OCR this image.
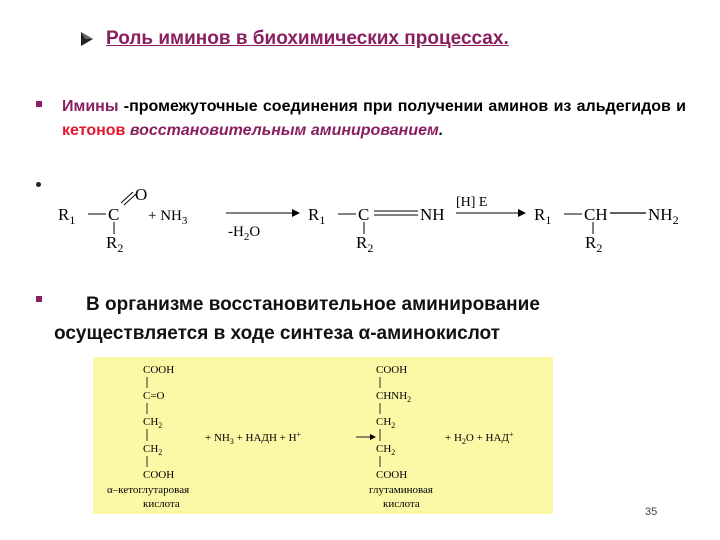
Роль иминов в биохимических процессах.
Имины -промежуточные соединения при получении аминов из альдегидов и кетонов восстановительным аминированием.
$R_1$ C
O
$R_2$
+ $NH_3$
$-H_2O$
$R_1$ C	NH
$R_2$
[H] E
$R_1$ CH $NH_2$
$R_2$
В организме восстановительное аминирование осуществляется в ходе синтеза α-аминокислот
COOH
C=O
$CH_2$
$CH_2$
COOH
α–кетоглутаровая
кислота
+ $NH_3$ + НАДН + Н+
COOH
$CHNH_2$
$CH_2$
$CH_2$
COOH
глутаминовая
кислота
+ $H_2O + НАД^+$
35
